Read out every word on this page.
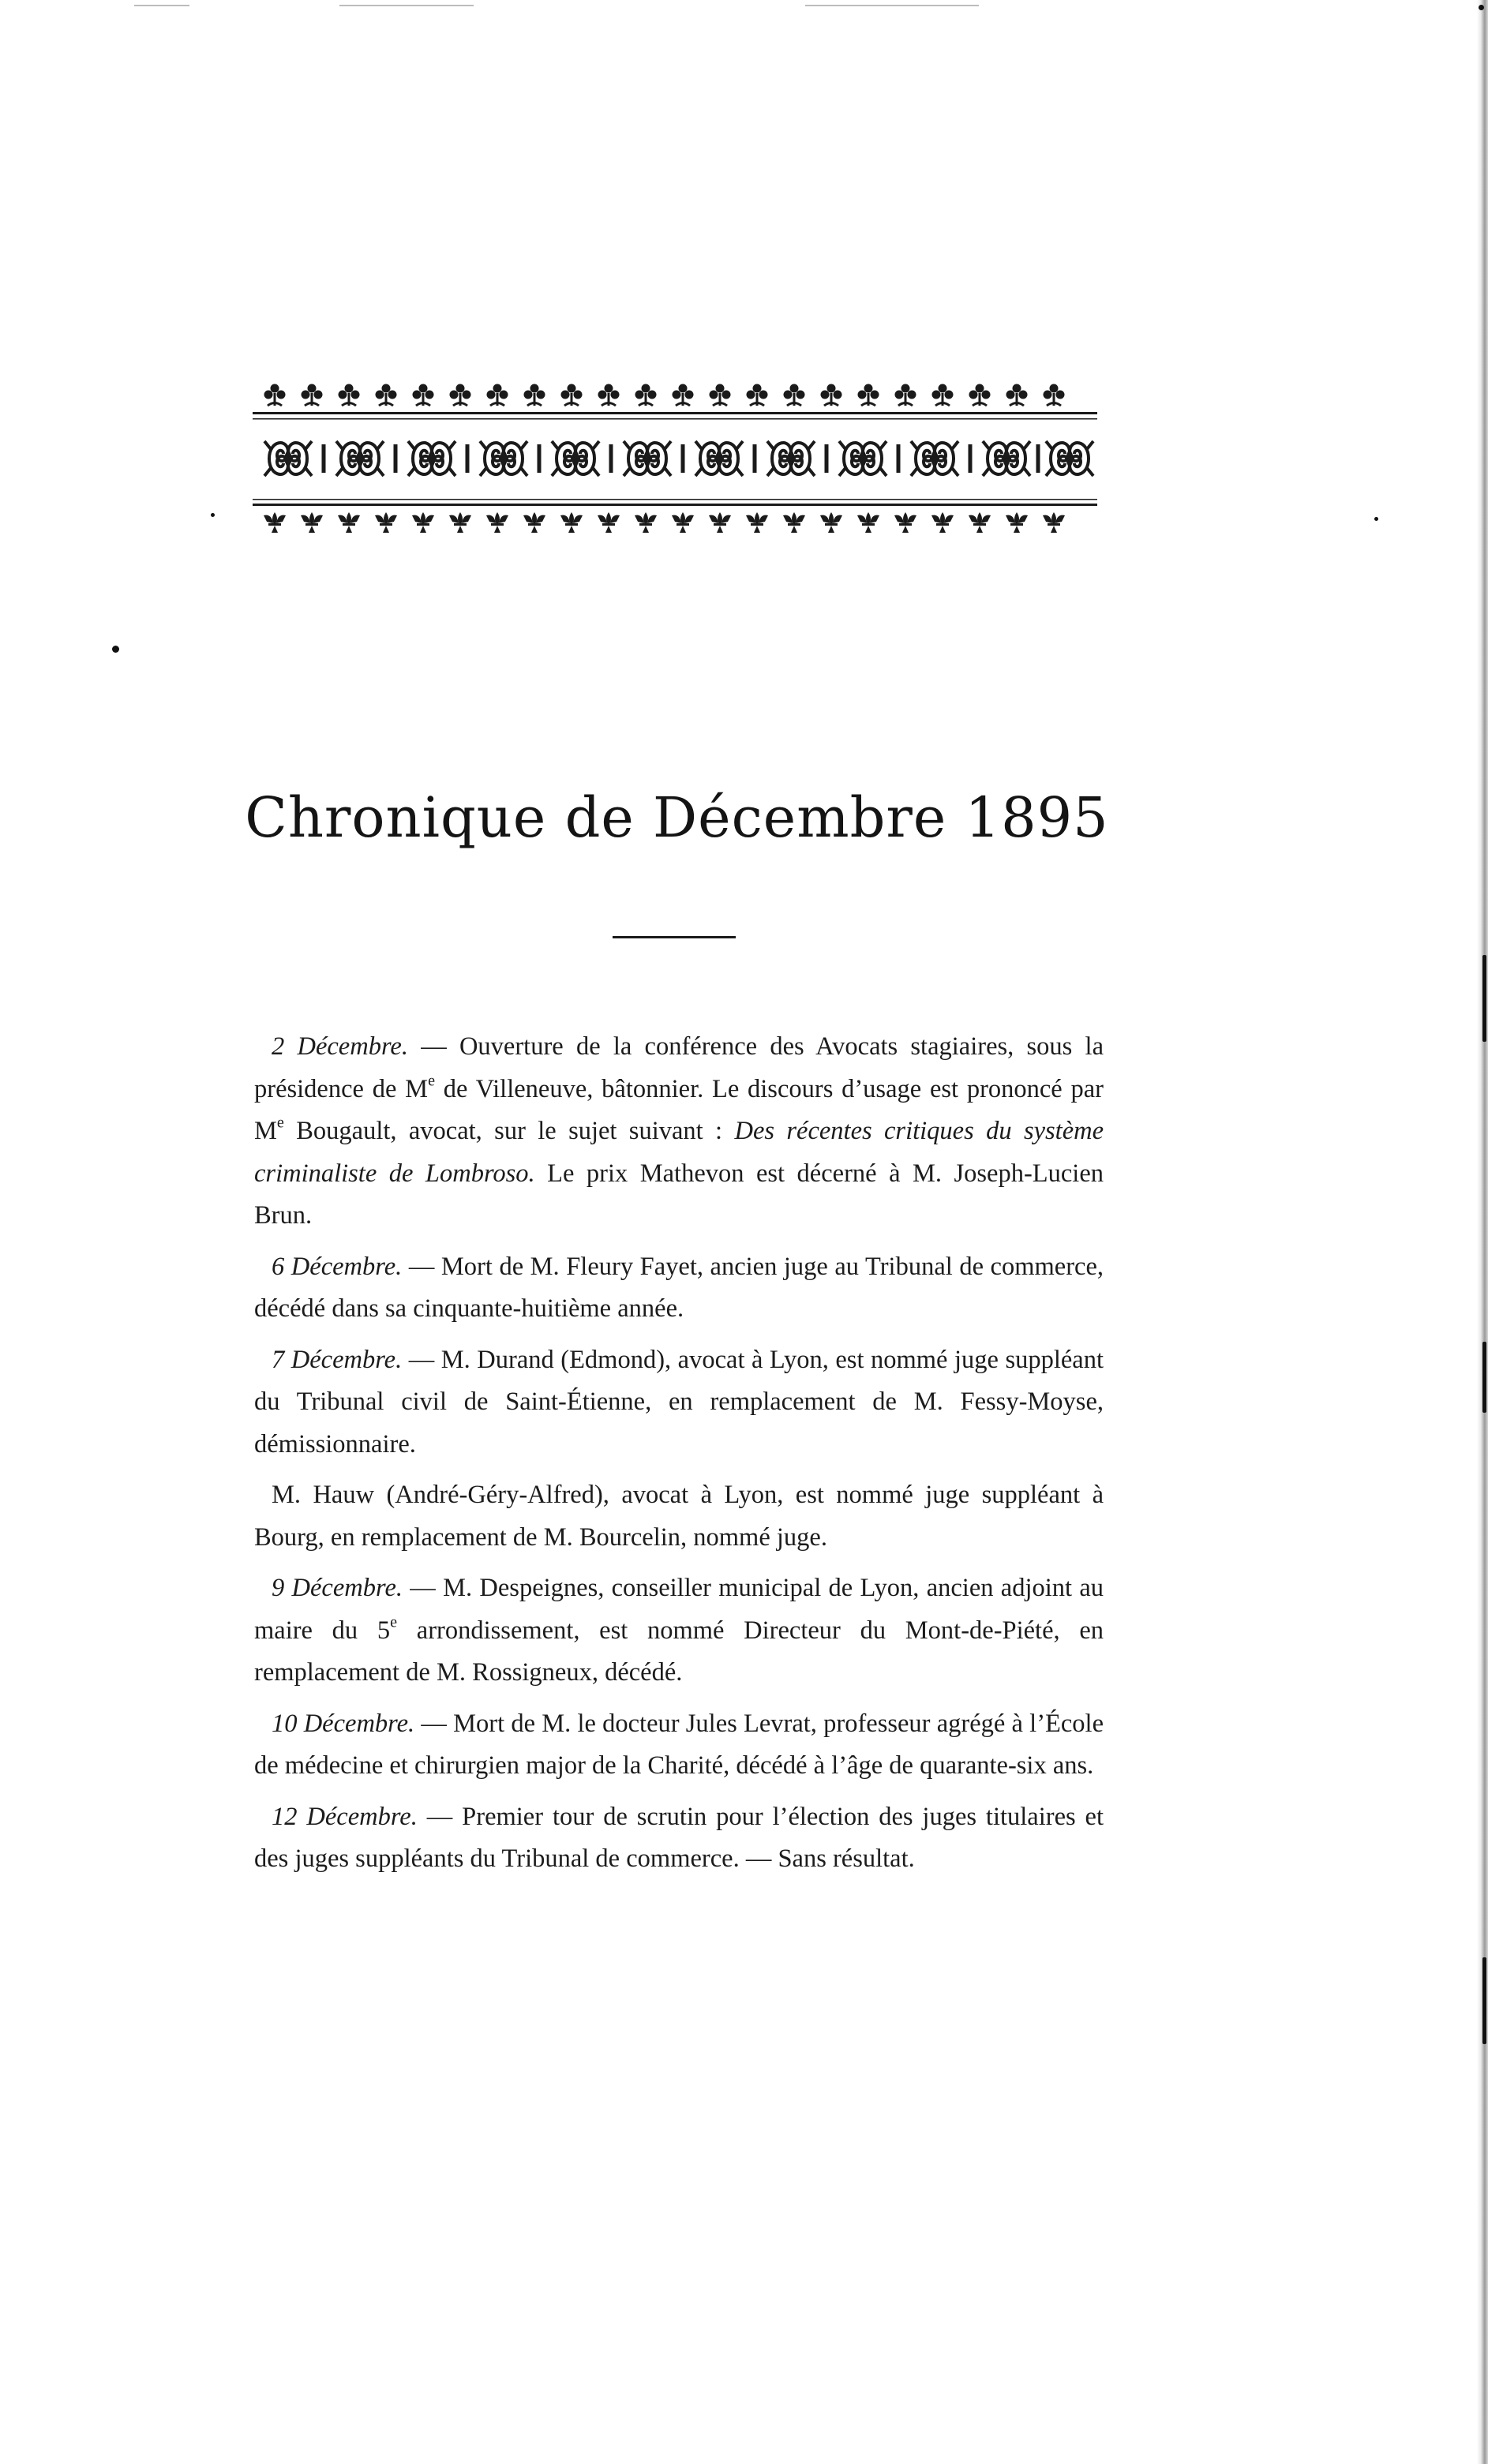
Chronique de Décembre 1895

2 Décembre. — Ouverture de la conférence des Avocats stagiaires, sous la présidence de Me de Villeneuve, bâtonnier. Le discours d’usage est prononcé par Me Bougault, avocat, sur le sujet suivant : Des récentes critiques du système criminaliste de Lombroso. Le prix Mathevon est décerné à M. Joseph-Lucien Brun.

6 Décembre. — Mort de M. Fleury Fayet, ancien juge au Tribunal de commerce, décédé dans sa cinquante-huitième année.

7 Décembre. — M. Durand (Edmond), avocat à Lyon, est nommé juge suppléant du Tribunal civil de Saint-Étienne, en remplacement de M. Fessy-Moyse, démissionnaire.

M. Hauw (André-Géry-Alfred), avocat à Lyon, est nommé juge suppléant à Bourg, en remplacement de M. Bourcelin, nommé juge.

9 Décembre. — M. Despeignes, conseiller municipal de Lyon, ancien adjoint au maire du 5e arrondissement, est nommé Directeur du Mont-de-Piété, en remplacement de M. Rossigneux, décédé.

10 Décembre. — Mort de M. le docteur Jules Levrat, professeur agrégé à l’École de médecine et chirurgien major de la Charité, décédé à l’âge de quarante-six ans.

12 Décembre. — Premier tour de scrutin pour l’élection des juges titulaires et des juges suppléants du Tribunal de commerce. — Sans résultat.
